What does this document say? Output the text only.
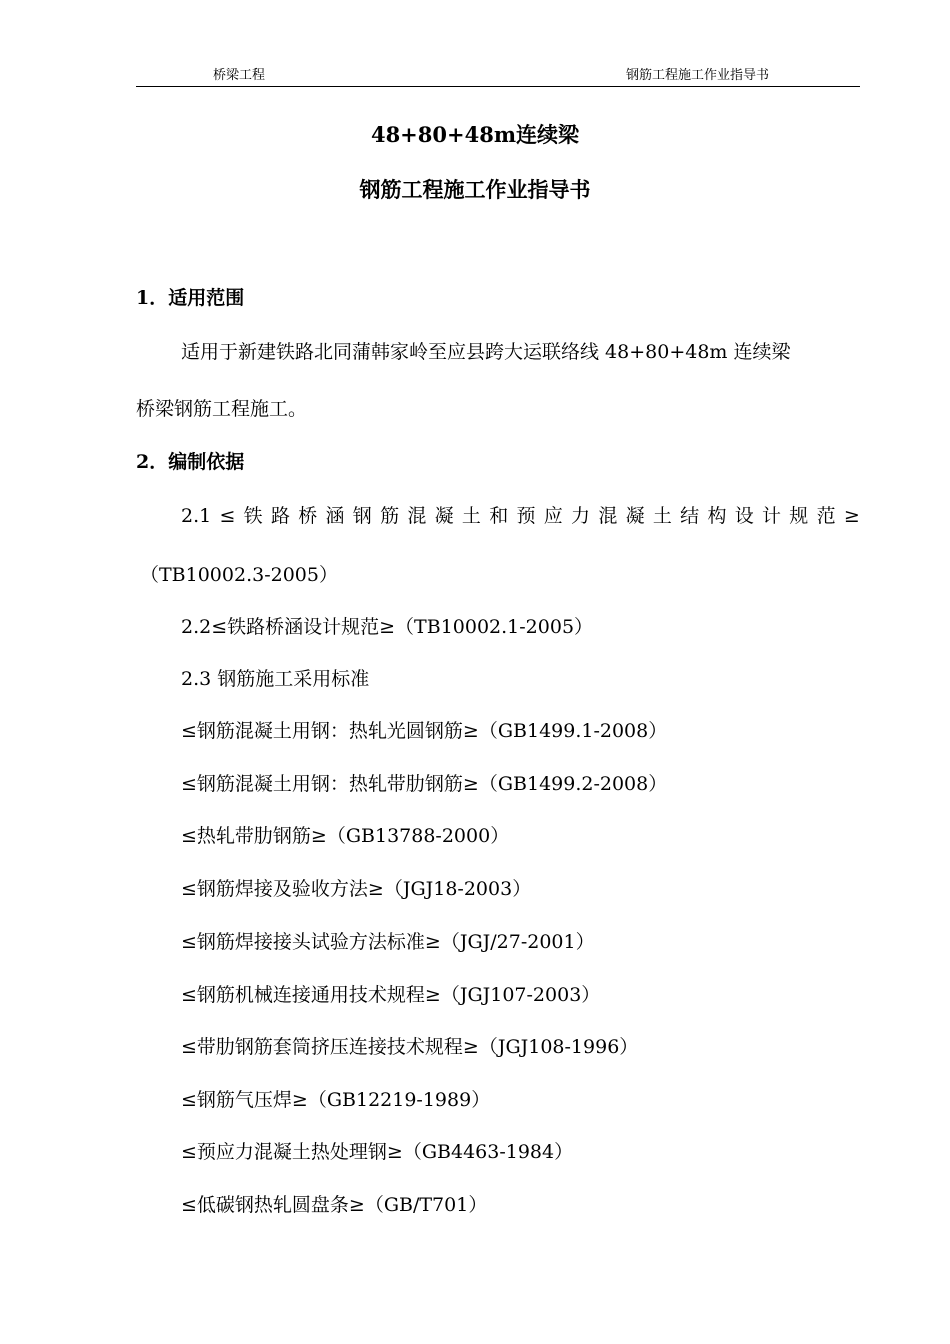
桥梁工程	钢筋工程施工作业指导书
48+80+48m连续梁
钢筋工程施工作业指导书
1．适用范围
适用于新建铁路北同蒲韩家岭至应县跨大运联络线 48+80+48m 连续梁
桥梁钢筋工程施工。
2．编制依据
2.1 ≤ 铁 路 桥 涵 钢 筋 混 凝 土 和 预 应 力 混 凝 土 结 构 设 计 规 范 ≥
（TB10002.3-2005）
2.2≤铁路桥涵设计规范≥（TB10002.1-2005）
2.3 钢筋施工采用标准
≤钢筋混凝土用钢：热轧光圆钢筋≥（GB1499.1-2008）
≤钢筋混凝土用钢：热轧带肋钢筋≥（GB1499.2-2008）
≤热轧带肋钢筋≥（GB13788-2000）
≤钢筋焊接及验收方法≥（JGJ18-2003）
≤钢筋焊接接头试验方法标准≥（JGJ/27-2001）
≤钢筋机械连接通用技术规程≥（JGJ107-2003）
≤带肋钢筋套筒挤压连接技术规程≥（JGJ108-1996）
≤钢筋气压焊≥（GB12219-1989）
≤预应力混凝土热处理钢≥（GB4463-1984）
≤低碳钢热轧圆盘条≥（GB/T701）
